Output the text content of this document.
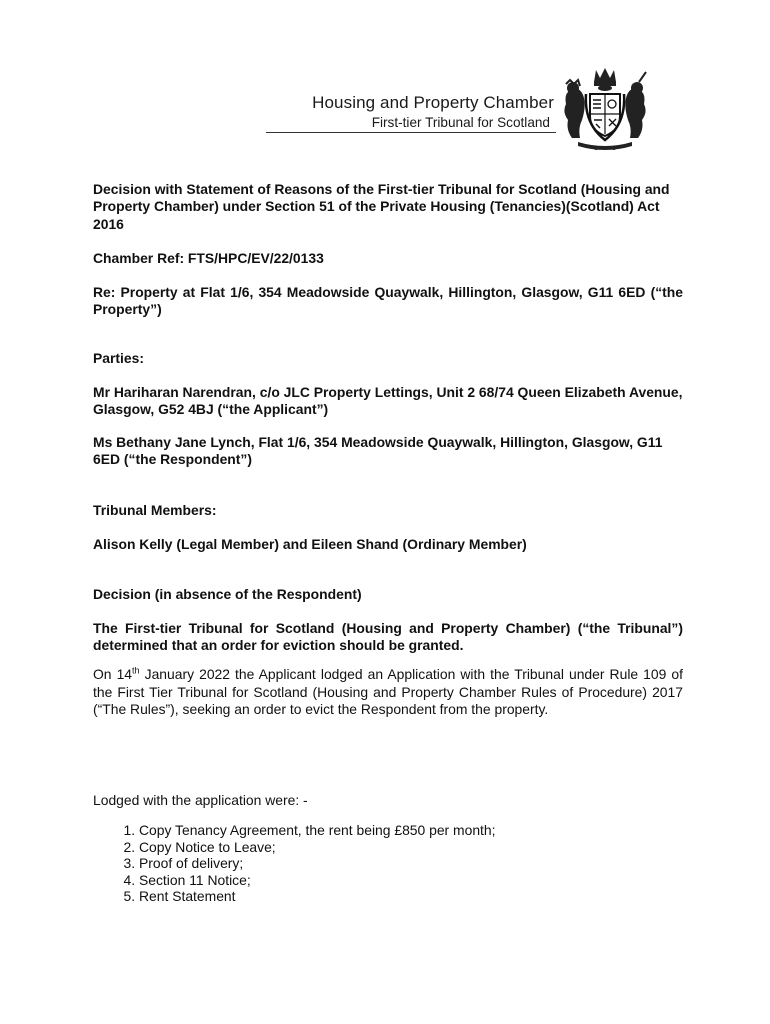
Housing and Property Chamber
First-tier Tribunal for Scotland
Decision with Statement of Reasons of the First-tier Tribunal for Scotland (Housing and Property Chamber) under Section 51 of the Private Housing (Tenancies)(Scotland) Act 2016
Chamber Ref: FTS/HPC/EV/22/0133
Re: Property at Flat 1/6, 354 Meadowside Quaywalk, Hillington, Glasgow, G11 6ED (“the Property”)
Parties:
Mr Hariharan Narendran, c/o JLC Property Lettings, Unit 2 68/74 Queen Elizabeth Avenue, Glasgow, G52 4BJ (“the Applicant”)
Ms Bethany Jane Lynch, Flat 1/6, 354 Meadowside Quaywalk, Hillington, Glasgow, G11 6ED (“the Respondent”)
Tribunal Members:
Alison Kelly (Legal Member) and Eileen Shand (Ordinary Member)
Decision (in absence of the Respondent)
The First-tier Tribunal for Scotland (Housing and Property Chamber) (“the Tribunal”) determined that an order for eviction should be granted.
On 14th January 2022 the Applicant lodged an Application with the Tribunal under Rule 109 of the First Tier Tribunal for Scotland (Housing and Property Chamber Rules of Procedure) 2017 (“The Rules”), seeking an order to evict the Respondent from the property.
Lodged with the application were: -
1. Copy Tenancy Agreement, the rent being £850 per month;
2. Copy Notice to Leave;
3. Proof of delivery;
4. Section 11 Notice;
5. Rent Statement
